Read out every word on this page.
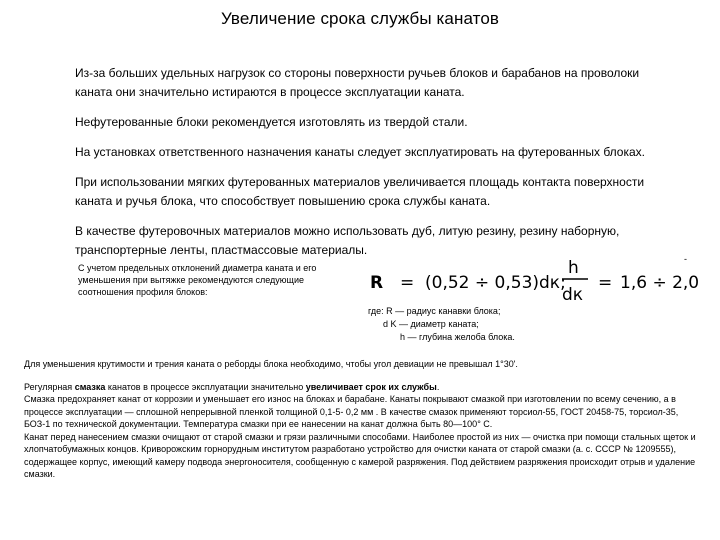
Увеличение срока службы канатов

Из-за больших удельных нагрузок со стороны поверхности ручьев блоков и барабанов на проволоки каната они значительно истираются в процессе эксплуатации каната.

Нефутерованные блоки рекомендуется изготовлять из твердой стали.

На установках ответственного назначения канаты следует эксплуатировать на футерованных блоках.

При использовании мягких футерованных материалов увеличивается площадь контакта поверхности каната и ручья блока, что способствует повышению срока службы каната.

В качестве футеровочных материалов можно использовать дуб, литую резину, резину наборную, транспортерные ленты, пластмассовые материалы.

С учетом предельных отклонений диаметра каната и его уменьшения при вытяжке рекомендуются следующие соотношения профиля блоков:
-
R = (0,52 ÷ 0,53)dк;
h
dк
= 1,6 ÷ 2,0
где: R — радиус канавки блока;
d K — диаметр каната;
h — глубина желоба блока.

Для уменьшения крутимости и трения каната о реборды блока необходимо, чтобы угол девиации не превышал 1°30'.

Регулярная смазка канатов в процессе эксплуатации значительно увеличивает срок их службы.

Смазка предохраняет канат от коррозии и уменьшает его износ на блоках и барабане. Канаты покрывают смазкой при изготовлении по всему сечению, а в процессе эксплуатации — сплошной непрерывной пленкой толщиной 0,1-5- 0,2 мм . В качестве смазок применяют торсиол-55, ГОСТ 20458-75, торсиол-35, БОЗ-1 по технической документации. Температура смазки при ее нанесении на канат должна быть 80—100° С.

Канат перед нанесением смазки очищают от старой смазки и грязи различными способами. Наиболее простой из них — очистка при помощи стальных щеток и хлопчатобумажных концов. Криворожским горнорудным институтом разработано устройство для очистки каната от старой смазки (а. с. СССР № 1209555), содержащее корпус, имеющий камеру подвода энергоносителя, сообщенную с камерой разряжения. Под действием разряжения происходит отрыв и удаление смазки.
